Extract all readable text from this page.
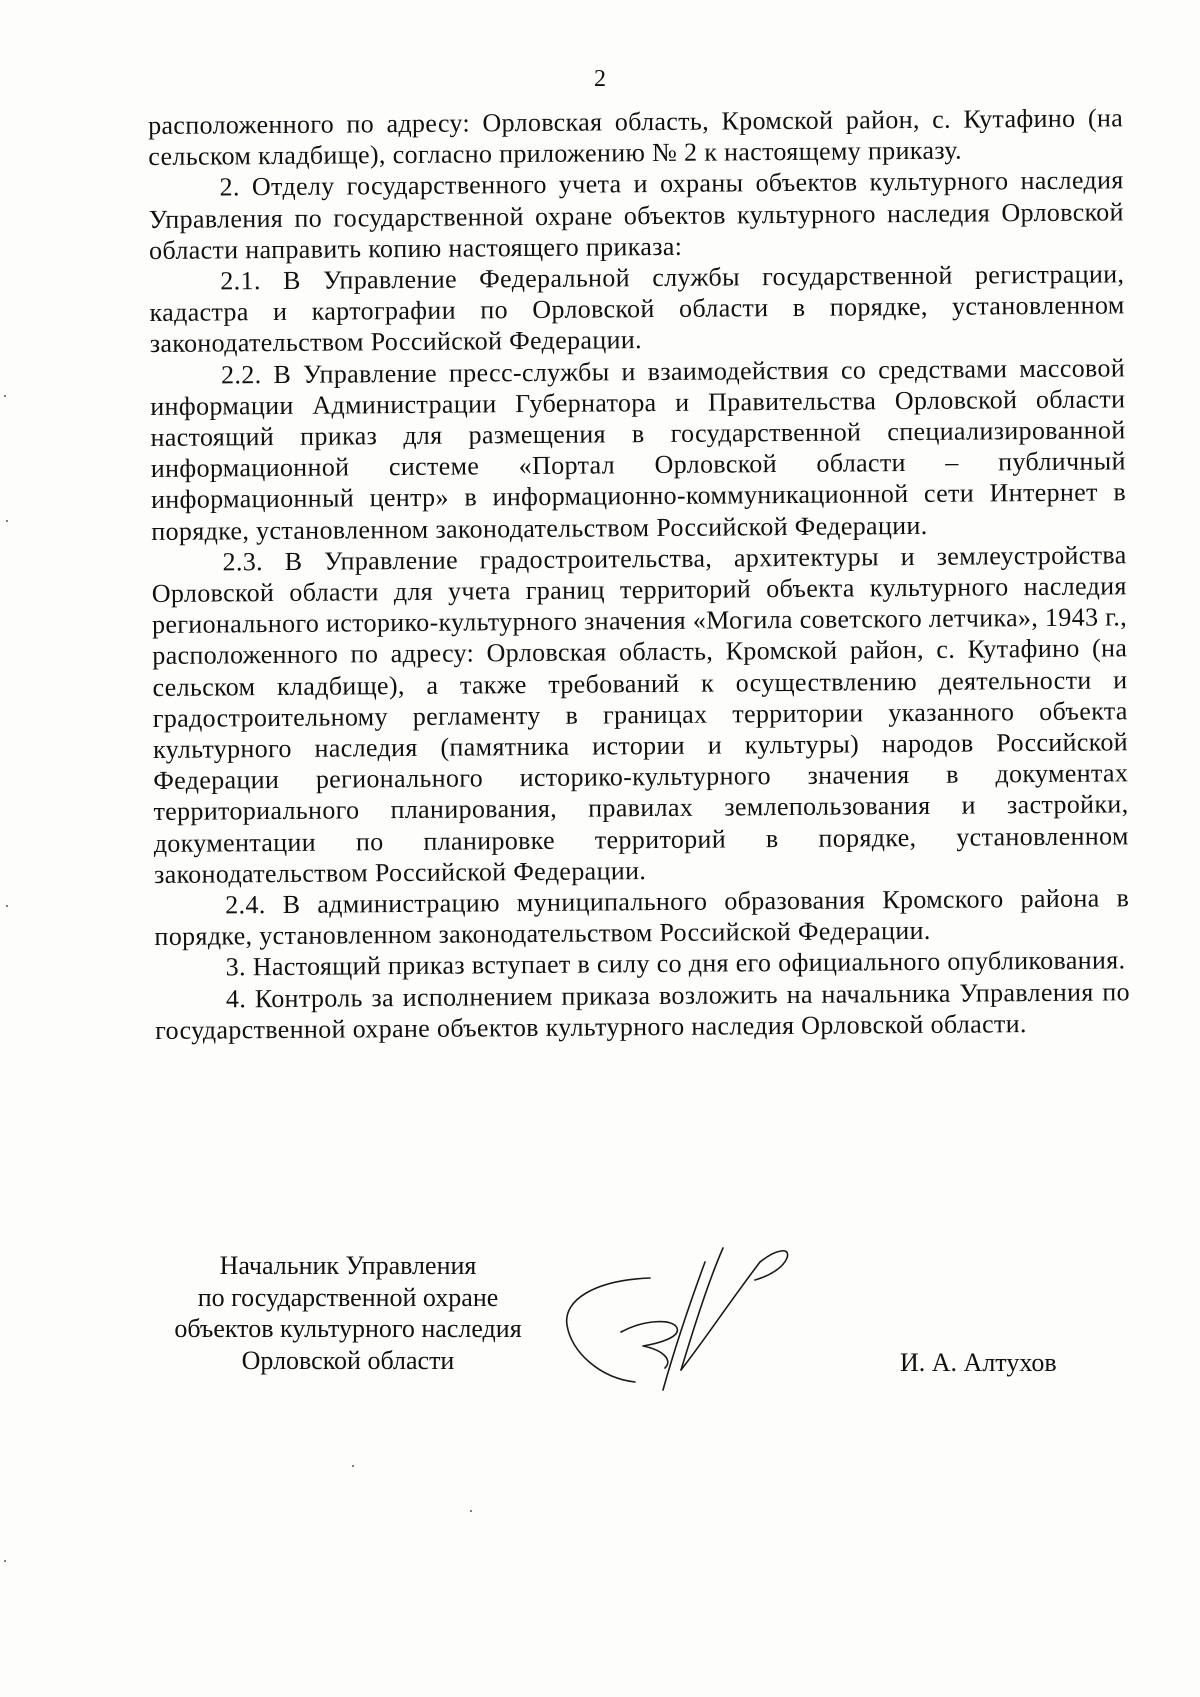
2

расположенного по адресу: Орловская область, Кромской район, с. Кутафино (на сельском кладбище), согласно приложению № 2 к настоящему приказу.

2. Отделу государственного учета и охраны объектов культурного наследия Управления по государственной охране объектов культурного наследия Орловской области направить копию настоящего приказа:

2.1. В Управление Федеральной службы государственной регистрации, кадастра и картографии по Орловской области в порядке, установленном законодательством Российской Федерации.

2.2. В Управление пресс-службы и взаимодействия со средствами массовой информации Администрации Губернатора и Правительства Орловской области настоящий приказ для размещения в государственной специализированной информационной системе «Портал Орловской области – публичный информационный центр» в информационно-коммуникационной сети Интернет в порядке, установленном законодательством Российской Федерации.

2.3. В Управление градостроительства, архитектуры и землеустройства Орловской области для учета границ территорий объекта культурного наследия регионального историко-культурного значения «Могила советского летчика», 1943 г., расположенного по адресу: Орловская область, Кромской район, с. Кутафино (на сельском кладбище), а также требований к осуществлению деятельности и градостроительному регламенту в границах территории указанного объекта культурного наследия (памятника истории и культуры) народов Российской Федерации регионального историко-культурного значения в документах территориального планирования, правилах землепользования и застройки, документации по планировке территорий в порядке, установленном законодательством Российской Федерации.

2.4. В администрацию муниципального образования Кромского района в порядке, установленном законодательством Российской Федерации.

3. Настоящий приказ вступает в силу со дня его официального опубликования.

4. Контроль за исполнением приказа возложить на начальника Управления по государственной охране объектов культурного наследия Орловской области.

Начальник Управления
по государственной охране
объектов культурного наследия
Орловской области	И. А. Алтухов
